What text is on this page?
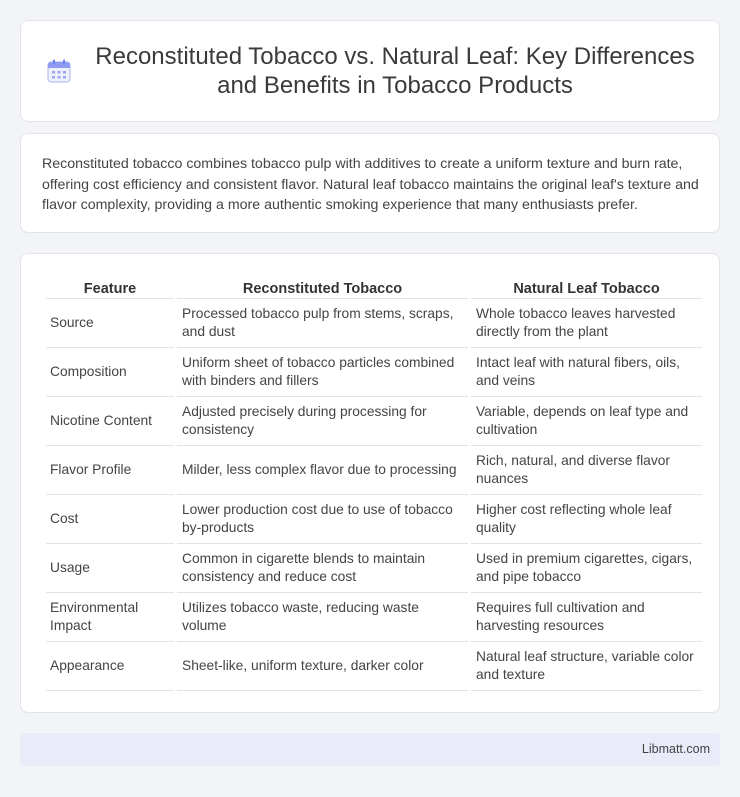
Reconstituted Tobacco vs. Natural Leaf: Key Differences and Benefits in Tobacco Products

Reconstituted tobacco combines tobacco pulp with additives to create a uniform texture and burn rate, offering cost efficiency and consistent flavor. Natural leaf tobacco maintains the original leaf's texture and flavor complexity, providing a more authentic smoking experience that many enthusiasts prefer.

Feature	Reconstituted Tobacco	Natural Leaf Tobacco
Source	Processed tobacco pulp from stems, scraps, and dust	Whole tobacco leaves harvested directly from the plant
Composition	Uniform sheet of tobacco particles combined with binders and fillers	Intact leaf with natural fibers, oils, and veins
Nicotine Content	Adjusted precisely during processing for consistency	Variable, depends on leaf type and cultivation
Flavor Profile	Milder, less complex flavor due to processing	Rich, natural, and diverse flavor nuances
Cost	Lower production cost due to use of tobacco by-products	Higher cost reflecting whole leaf quality
Usage	Common in cigarette blends to maintain consistency and reduce cost	Used in premium cigarettes, cigars, and pipe tobacco
Environmental Impact	Utilizes tobacco waste, reducing waste volume	Requires full cultivation and harvesting resources
Appearance	Sheet-like, uniform texture, darker color	Natural leaf structure, variable color and texture
Libmatt.com
